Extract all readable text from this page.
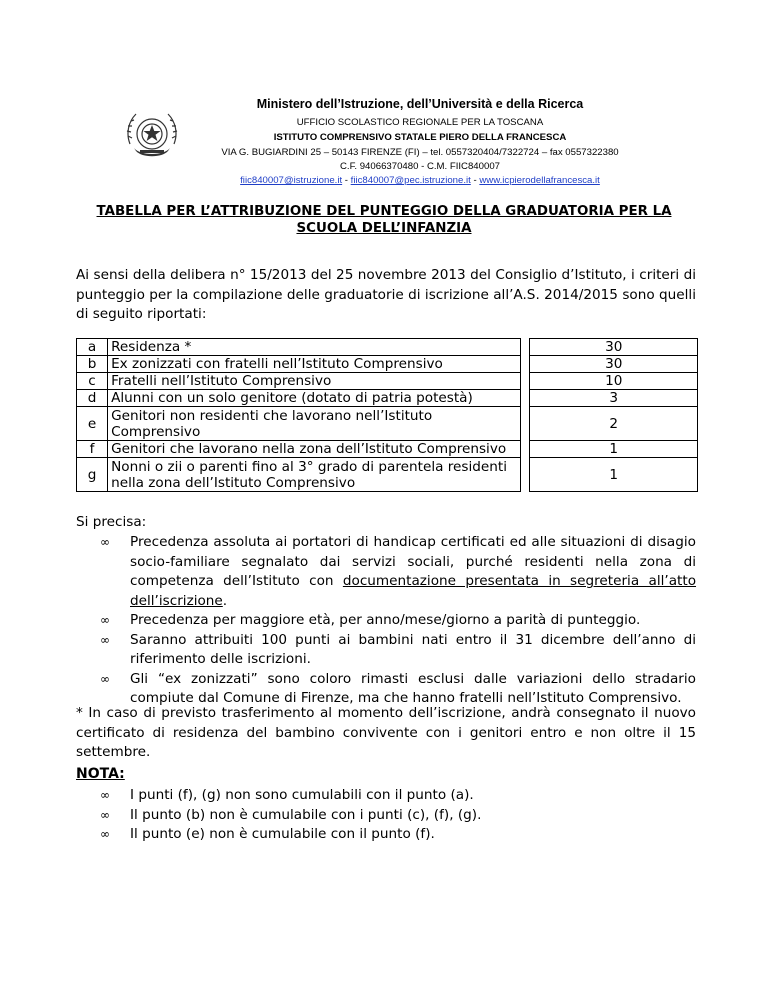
Ministero dell’Istruzione, dell’Università e della Ricerca
UFFICIO SCOLASTICO REGIONALE PER LA TOSCANA
ISTITUTO COMPRENSIVO STATALE PIERO DELLA FRANCESCA
VIA G. BUGIARDINI 25 – 50143 FIRENZE (FI) – tel. 0557320404/7322724 – fax 0557322380
C.F. 94066370480 - C.M. FIIC840007
fiic840007@istruzione.it - fiic840007@pec.istruzione.it - www.icpierodellafrancesca.it
TABELLA PER L’ATTRIBUZIONE DEL PUNTEGGIO DELLA GRADUATORIA PER LA
SCUOLA DELL’INFANZIA
Ai sensi della delibera n° 15/2013 del 25 novembre 2013 del Consiglio d’Istituto, i criteri di punteggio per la compilazione delle graduatorie di iscrizione all’A.S. 2014/2015 sono quelli di seguito riportati:
a	Residenza *		30
b	Ex zonizzati con fratelli nell’Istituto Comprensivo		30
c	Fratelli nell’Istituto Comprensivo		10
d	Alunni con un solo genitore (dotato di patria potestà)		3
e	Genitori non residenti che lavorano nell’Istituto Comprensivo		2
f	Genitori che lavorano nella zona dell’Istituto Comprensivo		1
g	Nonni o zii o parenti fino al 3° grado di parentela residenti nella zona dell’Istituto Comprensivo		1
Si precisa:
∞ Precedenza assoluta ai portatori di handicap certificati ed alle situazioni di disagio socio-familiare segnalato dai servizi sociali, purché residenti nella zona di competenza dell’Istituto con documentazione presentata in segreteria all’atto dell’iscrizione.
∞ Precedenza per maggiore età, per anno/mese/giorno a parità di punteggio.
∞ Saranno attribuiti 100 punti ai bambini nati entro il 31 dicembre dell’anno di riferimento delle iscrizioni.
∞ Gli “ex zonizzati” sono coloro rimasti esclusi dalle variazioni dello stradario compiute dal Comune di Firenze, ma che hanno fratelli nell’Istituto Comprensivo.
* In caso di previsto trasferimento al momento dell’iscrizione, andrà consegnato il nuovo certificato di residenza del bambino convivente con i genitori entro e non oltre il 15 settembre.
NOTA:
∞ I punti (f), (g) non sono cumulabili con il punto (a).
∞ Il punto (b) non è cumulabile con i punti (c), (f), (g).
∞ Il punto (e) non è cumulabile con il punto (f).
